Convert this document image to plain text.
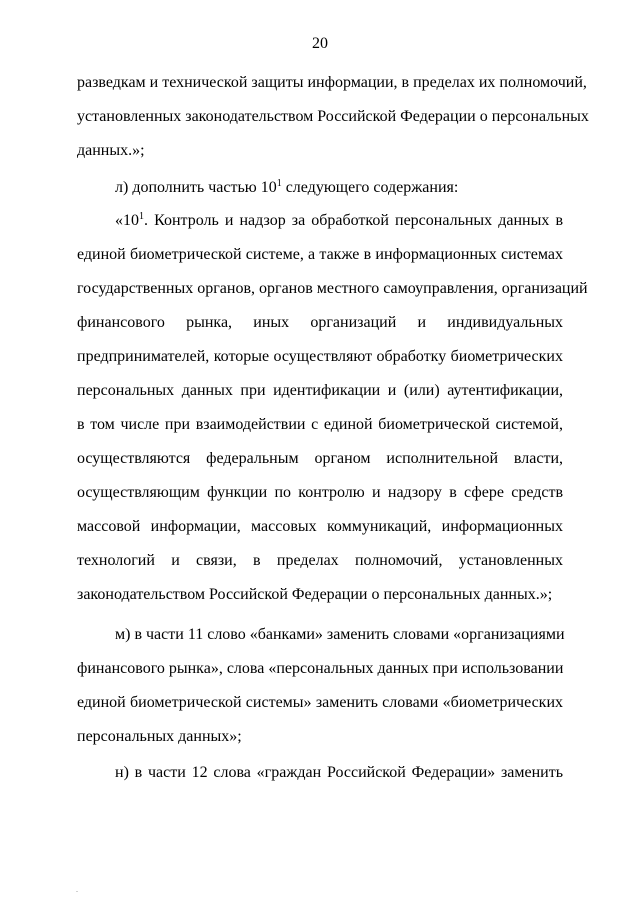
20
разведкам и технической защиты информации, в пределах их полномочий,
установленных законодательством Российской Федерации о персональных
данных.»;
л) дополнить частью $10^1$ следующего содержания:
«$10^1$. Контроль и надзор за обработкой персональных данных в
единой биометрической системе, а также в информационных системах
государственных органов, органов местного самоуправления, организаций
финансового рынка, иных организаций и индивидуальных
предпринимателей, которые осуществляют обработку биометрических
персональных данных при идентификации и (или) аутентификации,
в том числе при взаимодействии с единой биометрической системой,
осуществляются федеральным органом исполнительной власти,
осуществляющим функции по контролю и надзору в сфере средств
массовой информации, массовых коммуникаций, информационных
технологий и связи, в пределах полномочий, установленных
законодательством Российской Федерации о персональных данных.»;
м) в части 11 слово «банками» заменить словами «организациями
финансового рынка», слова «персональных данных при использовании
единой биометрической системы» заменить словами «биометрических
персональных данных»;
н) в части 12 слова «граждан Российской Федерации» заменить
.
